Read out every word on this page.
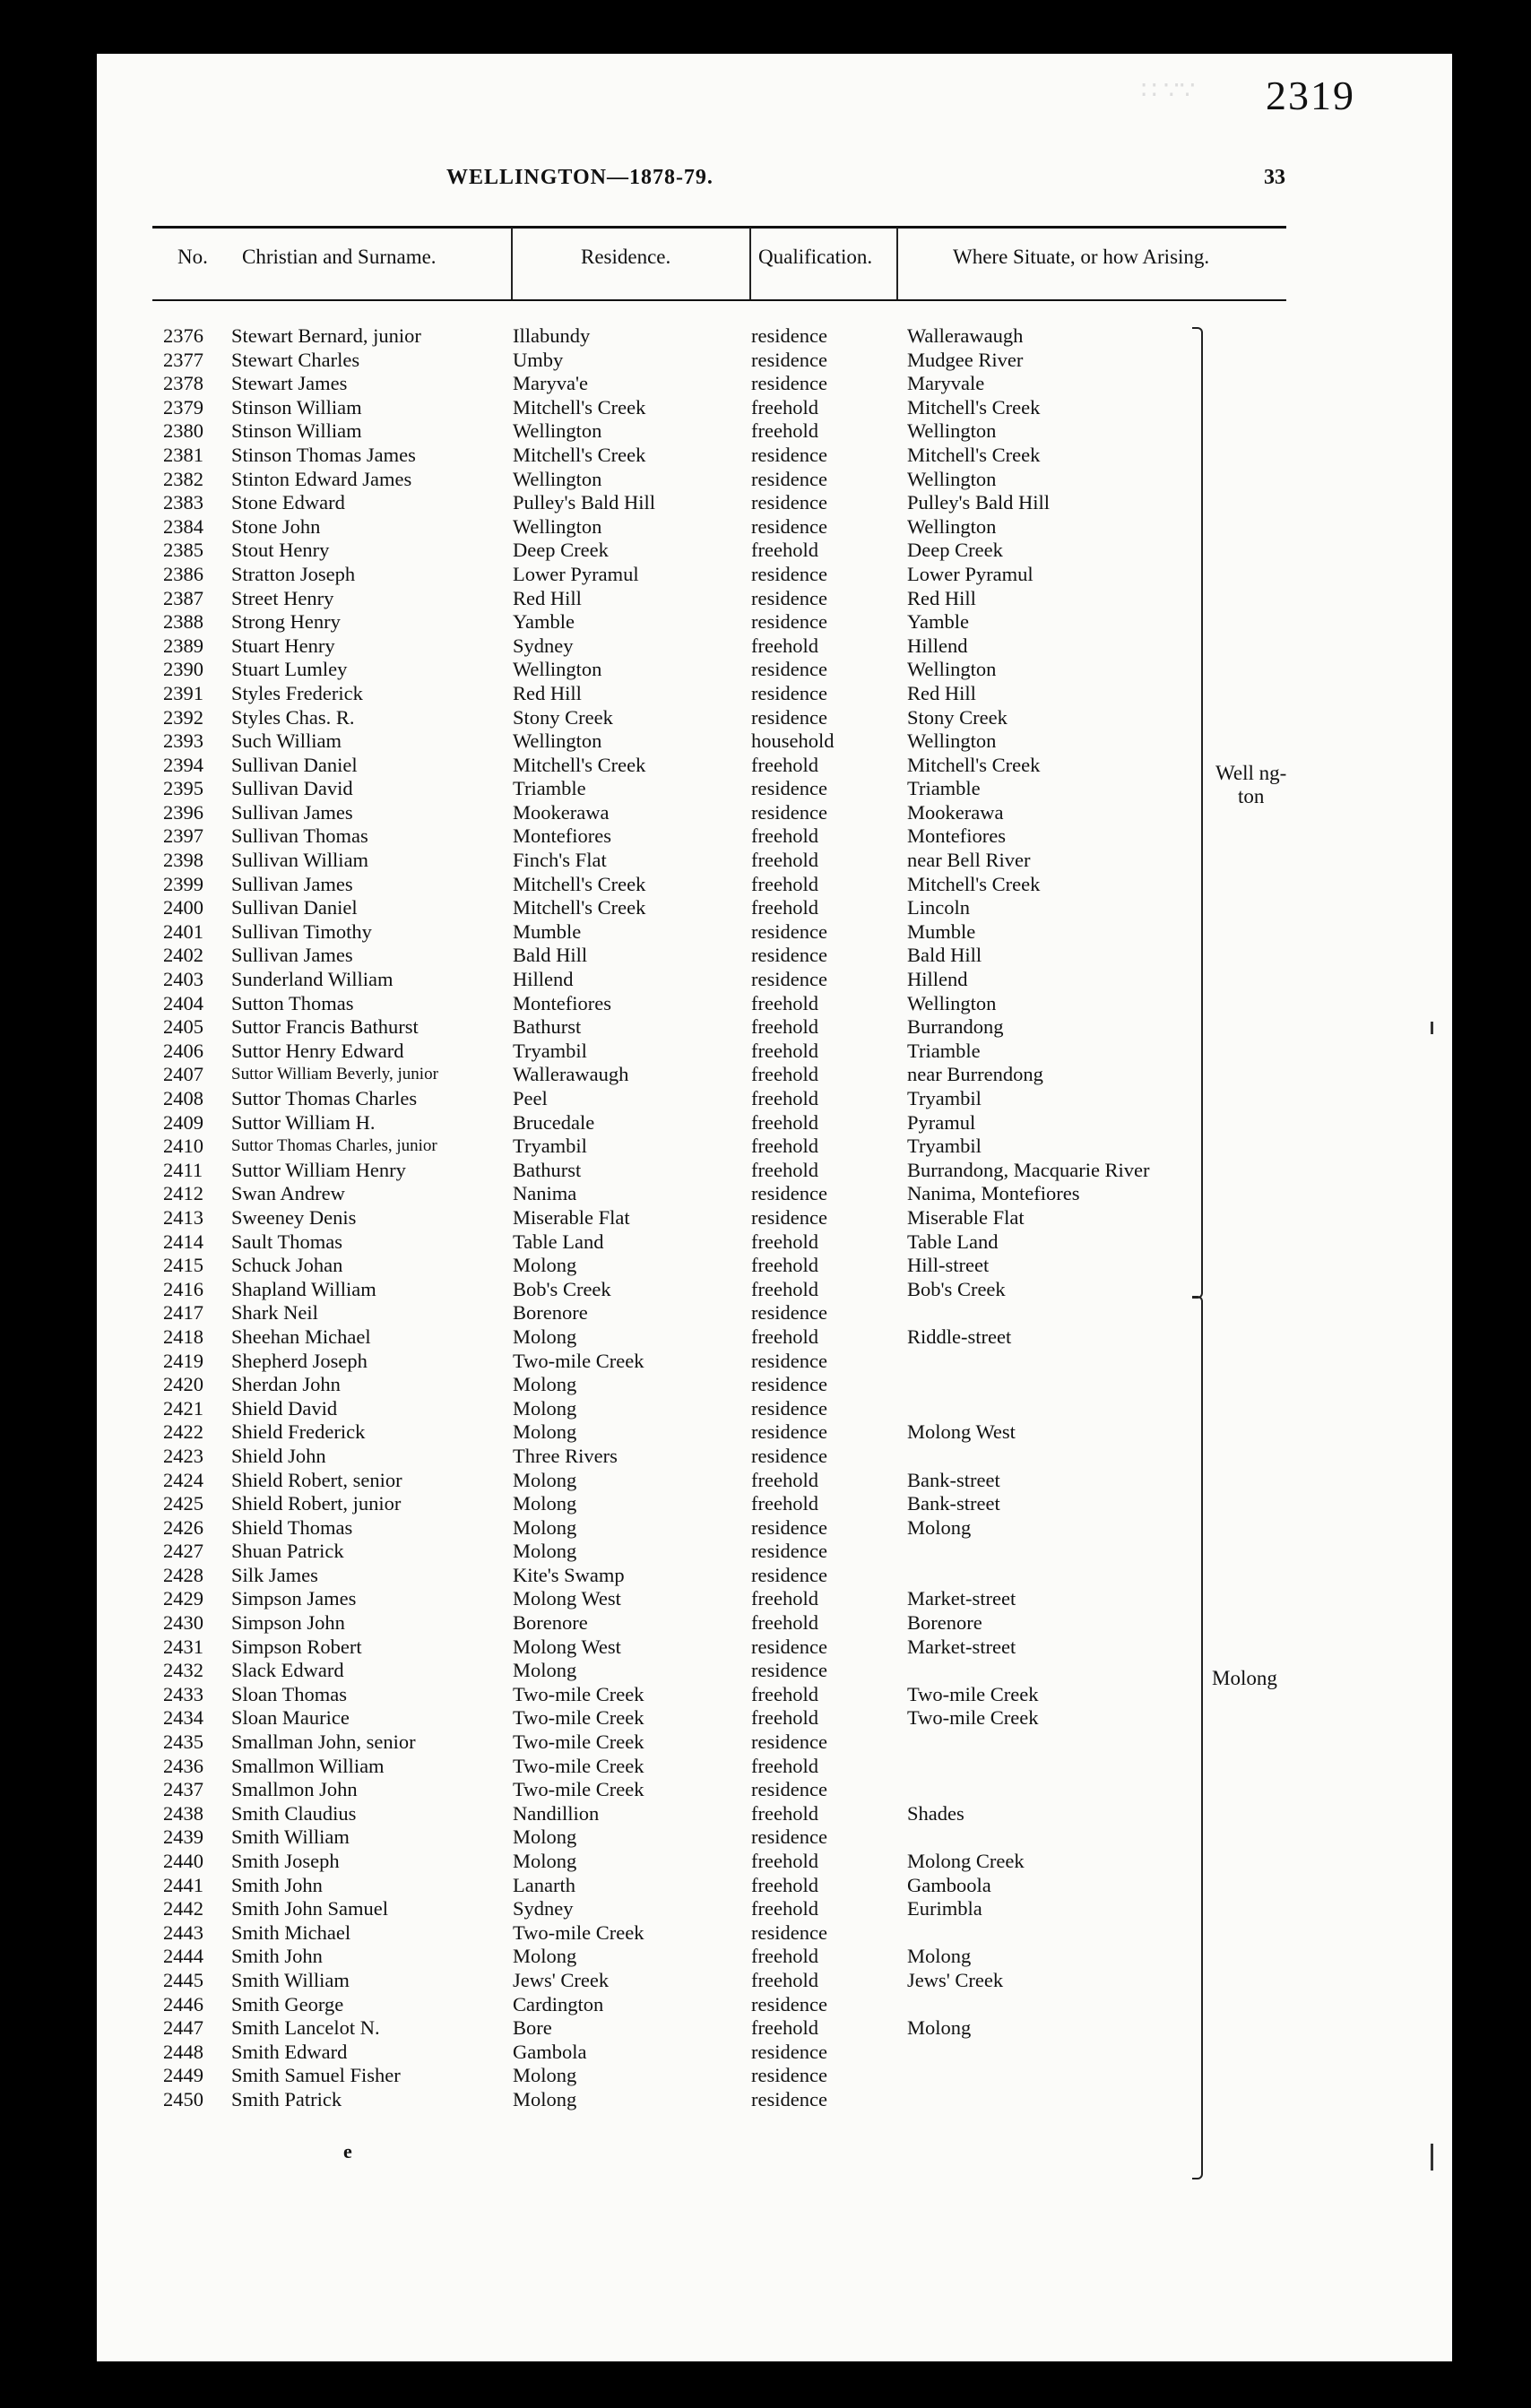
∷ ∵∵ 2319
WELLINGTON—1878-79.	33
No. Christian and Surname.	Residence.	Qualification.	Where Situate, or how Arising.
2376 Stewart Bernard, junior	Illabundy	residence	Wallerawaugh
2377 Stewart Charles	Umby	residence	Mudgee River
2378 Stewart James	Maryva'e	residence	Maryvale
2379 Stinson William	Mitchell's Creek	freehold	Mitchell's Creek
2380 Stinson William	Wellington	freehold	Wellington
2381 Stinson Thomas James	Mitchell's Creek	residence	Mitchell's Creek
2382 Stinton Edward James	Wellington	residence	Wellington
2383 Stone Edward	Pulley's Bald Hill	residence	Pulley's Bald Hill
2384 Stone John	Wellington	residence	Wellington
2385 Stout Henry	Deep Creek	freehold	Deep Creek
2386 Stratton Joseph	Lower Pyramul	residence	Lower Pyramul
2387 Street Henry	Red Hill	residence	Red Hill
2388 Strong Henry	Yamble	residence	Yamble
2389 Stuart Henry	Sydney	freehold	Hillend
2390 Stuart Lumley	Wellington	residence	Wellington
2391 Styles Frederick	Red Hill	residence	Red Hill
2392 Styles Chas. R.	Stony Creek	residence	Stony Creek
2393 Such William	Wellington	household	Wellington
2394 Sullivan Daniel	Mitchell's Creek	freehold	Mitchell's Creek
2395 Sullivan David	Triamble	residence	Triamble
2396 Sullivan James	Mookerawa	residence	Mookerawa
2397 Sullivan Thomas	Montefiores	freehold	Montefiores
2398 Sullivan William	Finch's Flat	freehold	near Bell River
2399 Sullivan James	Mitchell's Creek	freehold	Mitchell's Creek
2400 Sullivan Daniel	Mitchell's Creek	freehold	Lincoln
2401 Sullivan Timothy	Mumble	residence	Mumble
2402 Sullivan James	Bald Hill	residence	Bald Hill
2403 Sunderland William	Hillend	residence	Hillend
2404 Sutton Thomas	Montefiores	freehold	Wellington
2405 Suttor Francis Bathurst	Bathurst	freehold	Burrandong
2406 Suttor Henry Edward	Tryambil	freehold	Triamble
2407 Suttor William Beverly, junior	Wallerawaugh	freehold	near Burrendong
2408 Suttor Thomas Charles	Peel	freehold	Tryambil
2409 Suttor William H.	Brucedale	freehold	Pyramul
2410 Suttor Thomas Charles, junior	Tryambil	freehold	Tryambil
2411 Suttor William Henry	Bathurst	freehold	Burrandong, Macquarie River
2412 Swan Andrew	Nanima	residence	Nanima, Montefiores
2413 Sweeney Denis	Miserable Flat	residence	Miserable Flat
2414 Sault Thomas	Table Land	freehold	Table Land
2415 Schuck Johan	Molong	freehold	Hill-street
2416 Shapland William	Bob's Creek	freehold	Bob's Creek
2417 Shark Neil	Borenore	residence
2418 Sheehan Michael	Molong	freehold	Riddle-street
2419 Shepherd Joseph	Two-mile Creek	residence
2420 Sherdan John	Molong	residence
2421 Shield David	Molong	residence
2422 Shield Frederick	Molong	residence	Molong West
2423 Shield John	Three Rivers	residence
2424 Shield Robert, senior	Molong	freehold	Bank-street
2425 Shield Robert, junior	Molong	freehold	Bank-street
2426 Shield Thomas	Molong	residence	Molong
2427 Shuan Patrick	Molong	residence
2428 Silk James	Kite's Swamp	residence
2429 Simpson James	Molong West	freehold	Market-street
2430 Simpson John	Borenore	freehold	Borenore
2431 Simpson Robert	Molong West	residence	Market-street
2432 Slack Edward	Molong	residence
2433 Sloan Thomas	Two-mile Creek	freehold	Two-mile Creek
2434 Sloan Maurice	Two-mile Creek	freehold	Two-mile Creek
2435 Smallman John, senior	Two-mile Creek	residence
2436 Smallmon William	Two-mile Creek	freehold
2437 Smallmon John	Two-mile Creek	residence
2438 Smith Claudius	Nandillion	freehold	Shades
2439 Smith William	Molong	residence
2440 Smith Joseph	Molong	freehold	Molong Creek
2441 Smith John	Lanarth	freehold	Gamboola
2442 Smith John Samuel	Sydney	freehold	Eurimbla
2443 Smith Michael	Two-mile Creek	residence
2444 Smith John	Molong	freehold	Molong
2445 Smith William	Jews' Creek	freehold	Jews' Creek
2446 Smith George	Cardington	residence
2447 Smith Lancelot N.	Bore	freehold	Molong
2448 Smith Edward	Gambola	residence
2449 Smith Samuel Fisher	Molong	residence
2450 Smith Patrick	Molong	residence
Well ng-
ton
Molong
e
